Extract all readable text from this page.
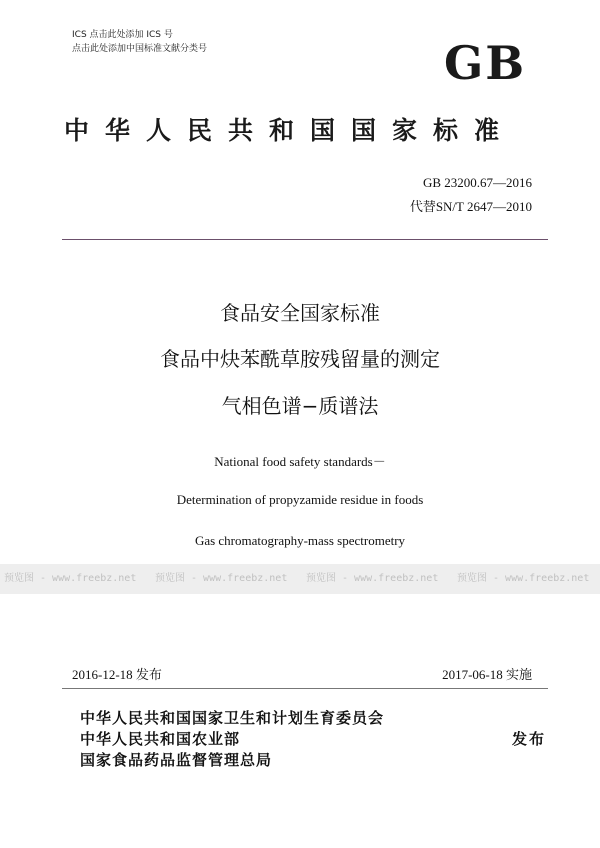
ICS 点击此处添加 ICS 号
点击此处添加中国标准文献分类号	GB
中华人民共和国国家标准
GB 23200.67—2016
代替SN/T 2647—2010
食品安全国家标准
食品中炔苯酰草胺残留量的测定
气相色谱−质谱法
National food safety standards－
Determination of propyzamide residue in foods
Gas chromatography-mass spectrometry
预览图 - www.freebz.net 预览图 - www.freebz.net 预览图 - www.freebz.net 预览图 - www.freebz.net
2016-12-18 发布	2017-06-18 实施
中华人民共和国国家卫生和计划生育委员会
中华人民共和国农业部
国家食品药品监督管理总局
发布
